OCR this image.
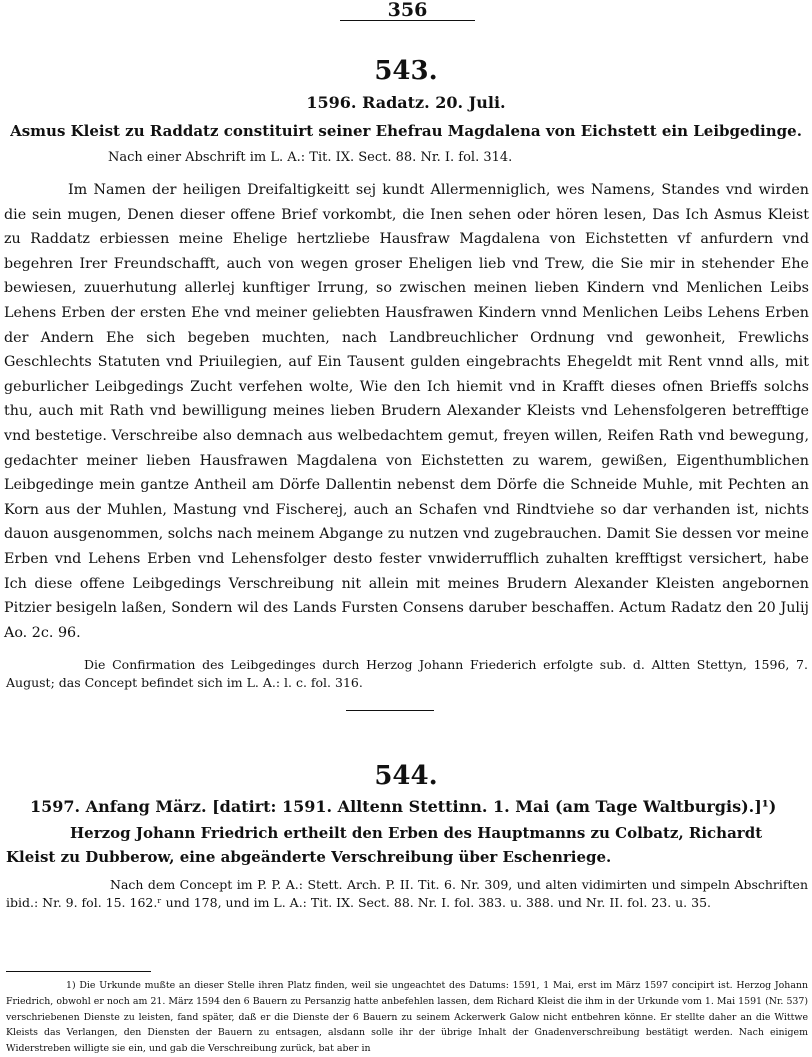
356
543.
1596. Radatz. 20. Juli.
Asmus Kleist zu Raddatz constituirt seiner Ehefrau Magdalena von Eichstett ein Leibgedinge.
Nach einer Abschrift im L. A.: Tit. IX. Sect. 88. Nr. I. fol. 314.

Im Namen der heiligen Dreifaltigkeitt sej kundt Allermenniglich, wes Namens, Standes vnd wirden die sein mugen, Denen dieser offene Brief vorkombt, die Inen sehen oder hören lesen, Das Ich Asmus Kleist zu Raddatz erbiessen meine Ehelige hertzliebe Hausfraw Magdalena von Eichstetten vf anfurdern vnd begehren Irer Freundschafft, auch von wegen groser Eheligen lieb vnd Trew, die Sie mir in stehender Ehe bewiesen, zuuerhutung allerlej kunftiger Irrung, so zwischen meinen lieben Kindern vnd Menlichen Leibs Lehens Erben der ersten Ehe vnd meiner geliebten Hausfrawen Kindern vnnd Menlichen Leibs Lehens Erben der Andern Ehe sich begeben muchten, nach Landbreuchlicher Ordnung vnd gewonheit, Frewlichs Geschlechts Statuten vnd Priuilegien, auf Ein Tausent gulden eingebrachts Ehegeldt mit Rent vnnd alls, mit geburlicher Leibgedings Zucht verfehen wolte, Wie den Ich hiemit vnd in Krafft dieses ofnen Brieffs solchs thu, auch mit Rath vnd bewilligung meines lieben Brudern Alexander Kleists vnd Lehensfolgeren betrefftige vnd bestetige. Verschreibe also demnach aus welbedachtem gemut, freyen willen, Reifen Rath vnd bewegung, gedachter meiner lieben Hausfrawen Magdalena von Eichstetten zu warem, gewißen, Eigenthumblichen Leibgedinge mein gantze Antheil am Dörfe Dallentin nebenst dem Dörfe die Schneide Muhle, mit Pechten an Korn aus der Muhlen, Mastung vnd Fischerej, auch an Schafen vnd Rindtviehe so dar verhanden ist, nichts dauon ausgenommen, solchs nach meinem Abgange zu nutzen vnd zugebrauchen. Damit Sie dessen vor meine Erben vnd Lehens Erben vnd Lehensfolger desto fester vnwiderrufflich zuhalten krefftigst versichert, habe Ich diese offene Leibgedings Verschreibung nit allein mit meines Brudern Alexander Kleisten angebornen Pitzier besigeln laßen, Sondern wil des Lands Fursten Consens daruber beschaffen. Actum Radatz den 20 Julij Ao. 2c. 96.

Die Confirmation des Leibgedinges durch Herzog Johann Friederich erfolgte sub. d. Altten Stettyn, 1596, 7. August; das Concept befindet sich im L. A.: l. c. fol. 316.
544.
1597. Anfang März. [datirt: 1591. Alltenn Stettinn. 1. Mai (am Tage Waltburgis).]¹)
Herzog Johann Friedrich ertheilt den Erben des Hauptmanns zu Colbatz, Richardt
Kleist zu Dubberow, eine abgeänderte Verschreibung über Eschenriege.
Nach dem Concept im P. P. A.: Stett. Arch. P. II. Tit. 6. Nr. 309, und alten vidimirten und simpeln Abschriften ibid.: Nr. 9. fol. 15. 162.ʳ und 178, und im L. A.: Tit. IX. Sect. 88. Nr. I. fol. 383. u. 388. und Nr. II. fol. 23. u. 35.
1) Die Urkunde mußte an dieser Stelle ihren Platz finden, weil sie ungeachtet des Datums: 1591, 1 Mai, erst im März 1597 concipirt ist. Herzog Johann Friedrich, obwohl er noch am 21. März 1594 den 6 Bauern zu Persanzig hatte anbefehlen lassen, dem Richard Kleist die ihm in der Urkunde vom 1. Mai 1591 (Nr. 537) verschriebenen Dienste zu leisten, fand später, daß er die Dienste der 6 Bauern zu seinem Ackerwerk Galow nicht entbehren könne. Er stellte daher an die Wittwe Kleists das Verlangen, den Diensten der Bauern zu entsagen, alsdann solle ihr der übrige Inhalt der Gnadenverschreibung bestätigt werden. Nach einigem Widerstreben willigte sie ein, und gab die Verschreibung zurück, bat aber in
